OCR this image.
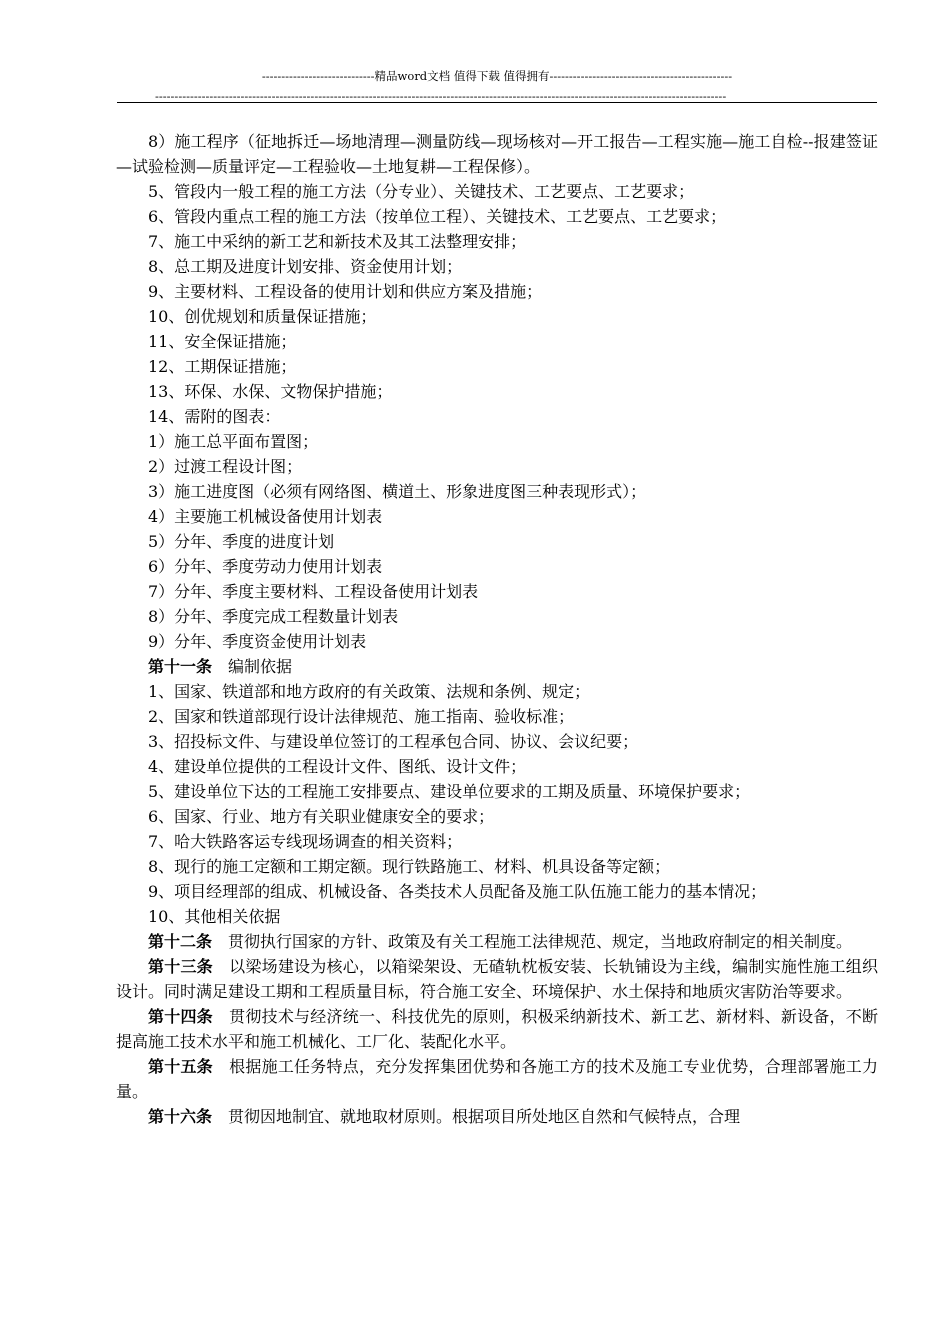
-----------------------------精品word文档 值得下载 值得拥有-----------------------------------------------
---------------------------------------------------------------------------------------------------------------------------------------------------

8）施工程序（征地拆迁—场地清理—测量防线—现场核对—开工报告—工程实施—施工自检--报建签证—试验检测—质量评定—工程验收—土地复耕—工程保修）。

5、管段内一般工程的施工方法（分专业）、关键技术、工艺要点、工艺要求；

6、管段内重点工程的施工方法（按单位工程）、关键技术、工艺要点、工艺要求；

7、施工中采纳的新工艺和新技术及其工法整理安排；

8、总工期及进度计划安排、资金使用计划；

9、主要材料、工程设备的使用计划和供应方案及措施；

10、创优规划和质量保证措施；

11、安全保证措施；

12、工期保证措施；

13、环保、水保、文物保护措施；

14、需附的图表：

1）施工总平面布置图；

2）过渡工程设计图；

3）施工进度图（必须有网络图、横道土、形象进度图三种表现形式）；

4）主要施工机械设备使用计划表

5）分年、季度的进度计划

6）分年、季度劳动力使用计划表

7）分年、季度主要材料、工程设备使用计划表

8）分年、季度完成工程数量计划表

9）分年、季度资金使用计划表

第十一条　编制依据

1、国家、铁道部和地方政府的有关政策、法规和条例、规定；

2、国家和铁道部现行设计法律规范、施工指南、验收标准；

3、招投标文件、与建设单位签订的工程承包合同、协议、会议纪要；

4、建设单位提供的工程设计文件、图纸、设计文件；

5、建设单位下达的工程施工安排要点、建设单位要求的工期及质量、环境保护要求；

6、国家、行业、地方有关职业健康安全的要求；

7、哈大铁路客运专线现场调查的相关资料；

8、现行的施工定额和工期定额。现行铁路施工、材料、机具设备等定额；

9、项目经理部的组成、机械设备、各类技术人员配备及施工队伍施工能力的基本情况；

10、其他相关依据

第十二条　贯彻执行国家的方针、政策及有关工程施工法律规范、规定，当地政府制定的相关制度。

第十三条　以梁场建设为核心，以箱梁架设、无碴轨枕板安装、长轨铺设为主线，编制实施性施工组织设计。同时满足建设工期和工程质量目标，符合施工安全、环境保护、水土保持和地质灾害防治等要求。

第十四条　贯彻技术与经济统一、科技优先的原则，积极采纳新技术、新工艺、新材料、新设备，不断提高施工技术水平和施工机械化、工厂化、装配化水平。

第十五条　根据施工任务特点，充分发挥集团优势和各施工方的技术及施工专业优势，合理部署施工力量。

第十六条　贯彻因地制宜、就地取材原则。根据项目所处地区自然和气候特点，合理
